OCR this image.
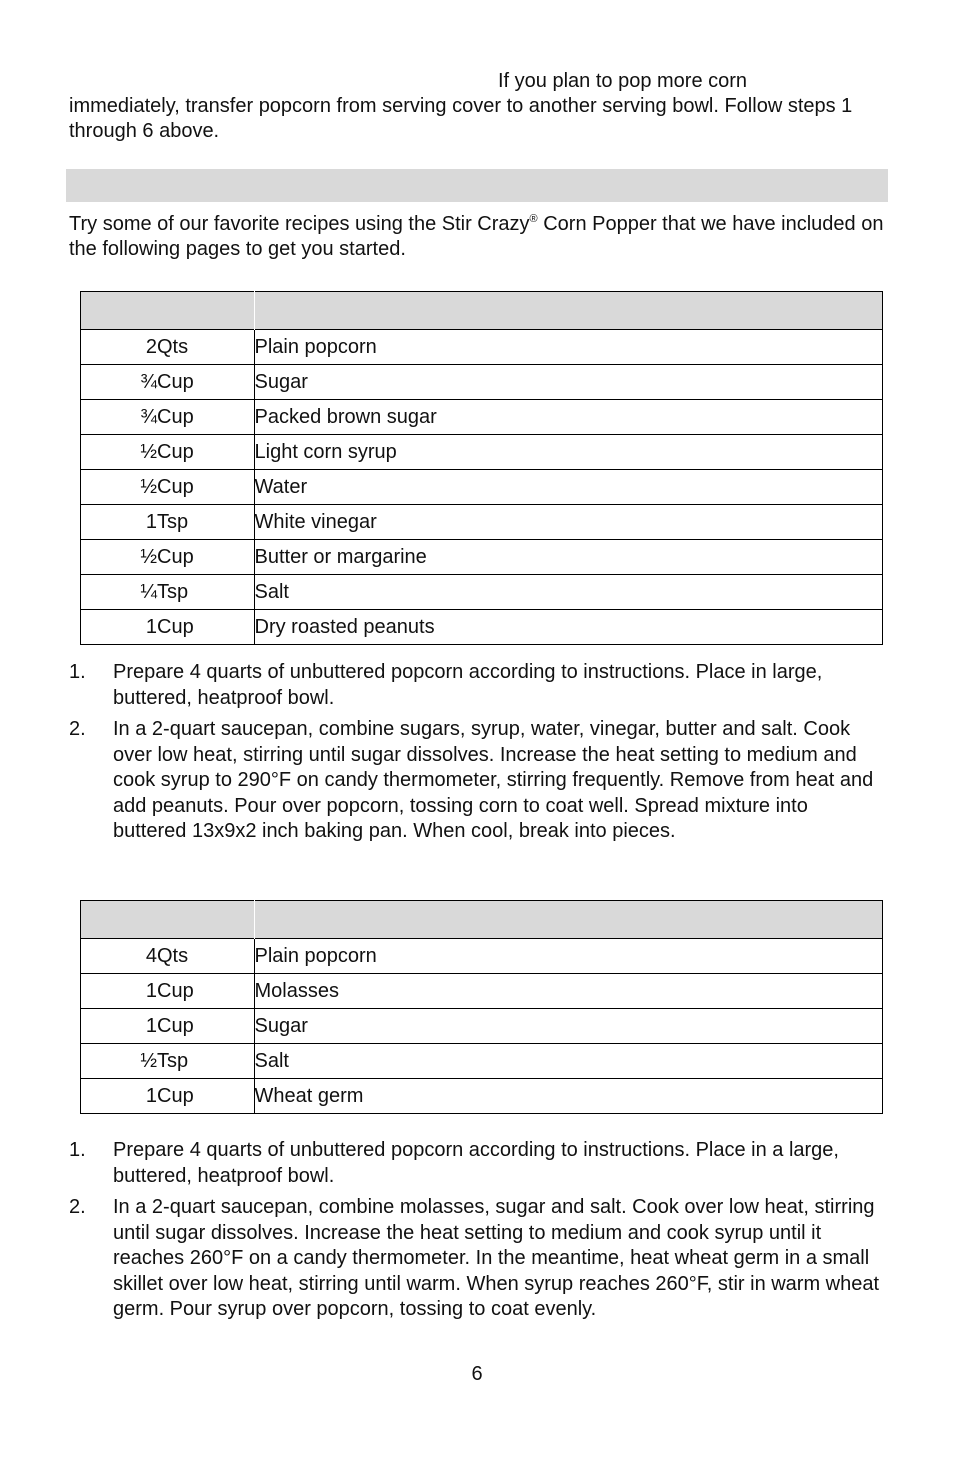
If you plan to pop more corn
immediately, transfer popcorn from serving cover to another serving bowl. Follow steps 1 through 6 above.

Try some of our favorite recipes using the Stir Crazy® Corn Popper that we have included on the following pages to get you started.

2	Qts	Plain popcorn
¾	Cup	Sugar
¾	Cup	Packed brown sugar
½	Cup	Light corn syrup
½	Cup	Water
1	Tsp	White vinegar
½	Cup	Butter or margarine
¼	Tsp	Salt
1	Cup	Dry roasted peanuts
1. Prepare 4 quarts of unbuttered popcorn according to instructions. Place in large, buttered, heatproof bowl.
2. In a 2-quart saucepan, combine sugars, syrup, water, vinegar, butter and salt. Cook over low heat, stirring until sugar dissolves. Increase the heat setting to medium and cook syrup to 290°F on candy thermometer, stirring frequently. Remove from heat and add peanuts. Pour over popcorn, tossing corn to coat well. Spread mixture into buttered 13x9x2 inch baking pan. When cool, break into pieces.

4	Qts	Plain popcorn
1	Cup	Molasses
1	Cup	Sugar
½	Tsp	Salt
1	Cup	Wheat germ
1. Prepare 4 quarts of unbuttered popcorn according to instructions. Place in a large, buttered, heatproof bowl.
2. In a 2-quart saucepan, combine molasses, sugar and salt. Cook over low heat, stirring until sugar dissolves. Increase the heat setting to medium and cook syrup until it reaches 260°F on a candy thermometer. In the meantime, heat wheat germ in a small skillet over low heat, stirring until warm. When syrup reaches 260°F, stir in warm wheat germ. Pour syrup over popcorn, tossing to coat evenly.
6
